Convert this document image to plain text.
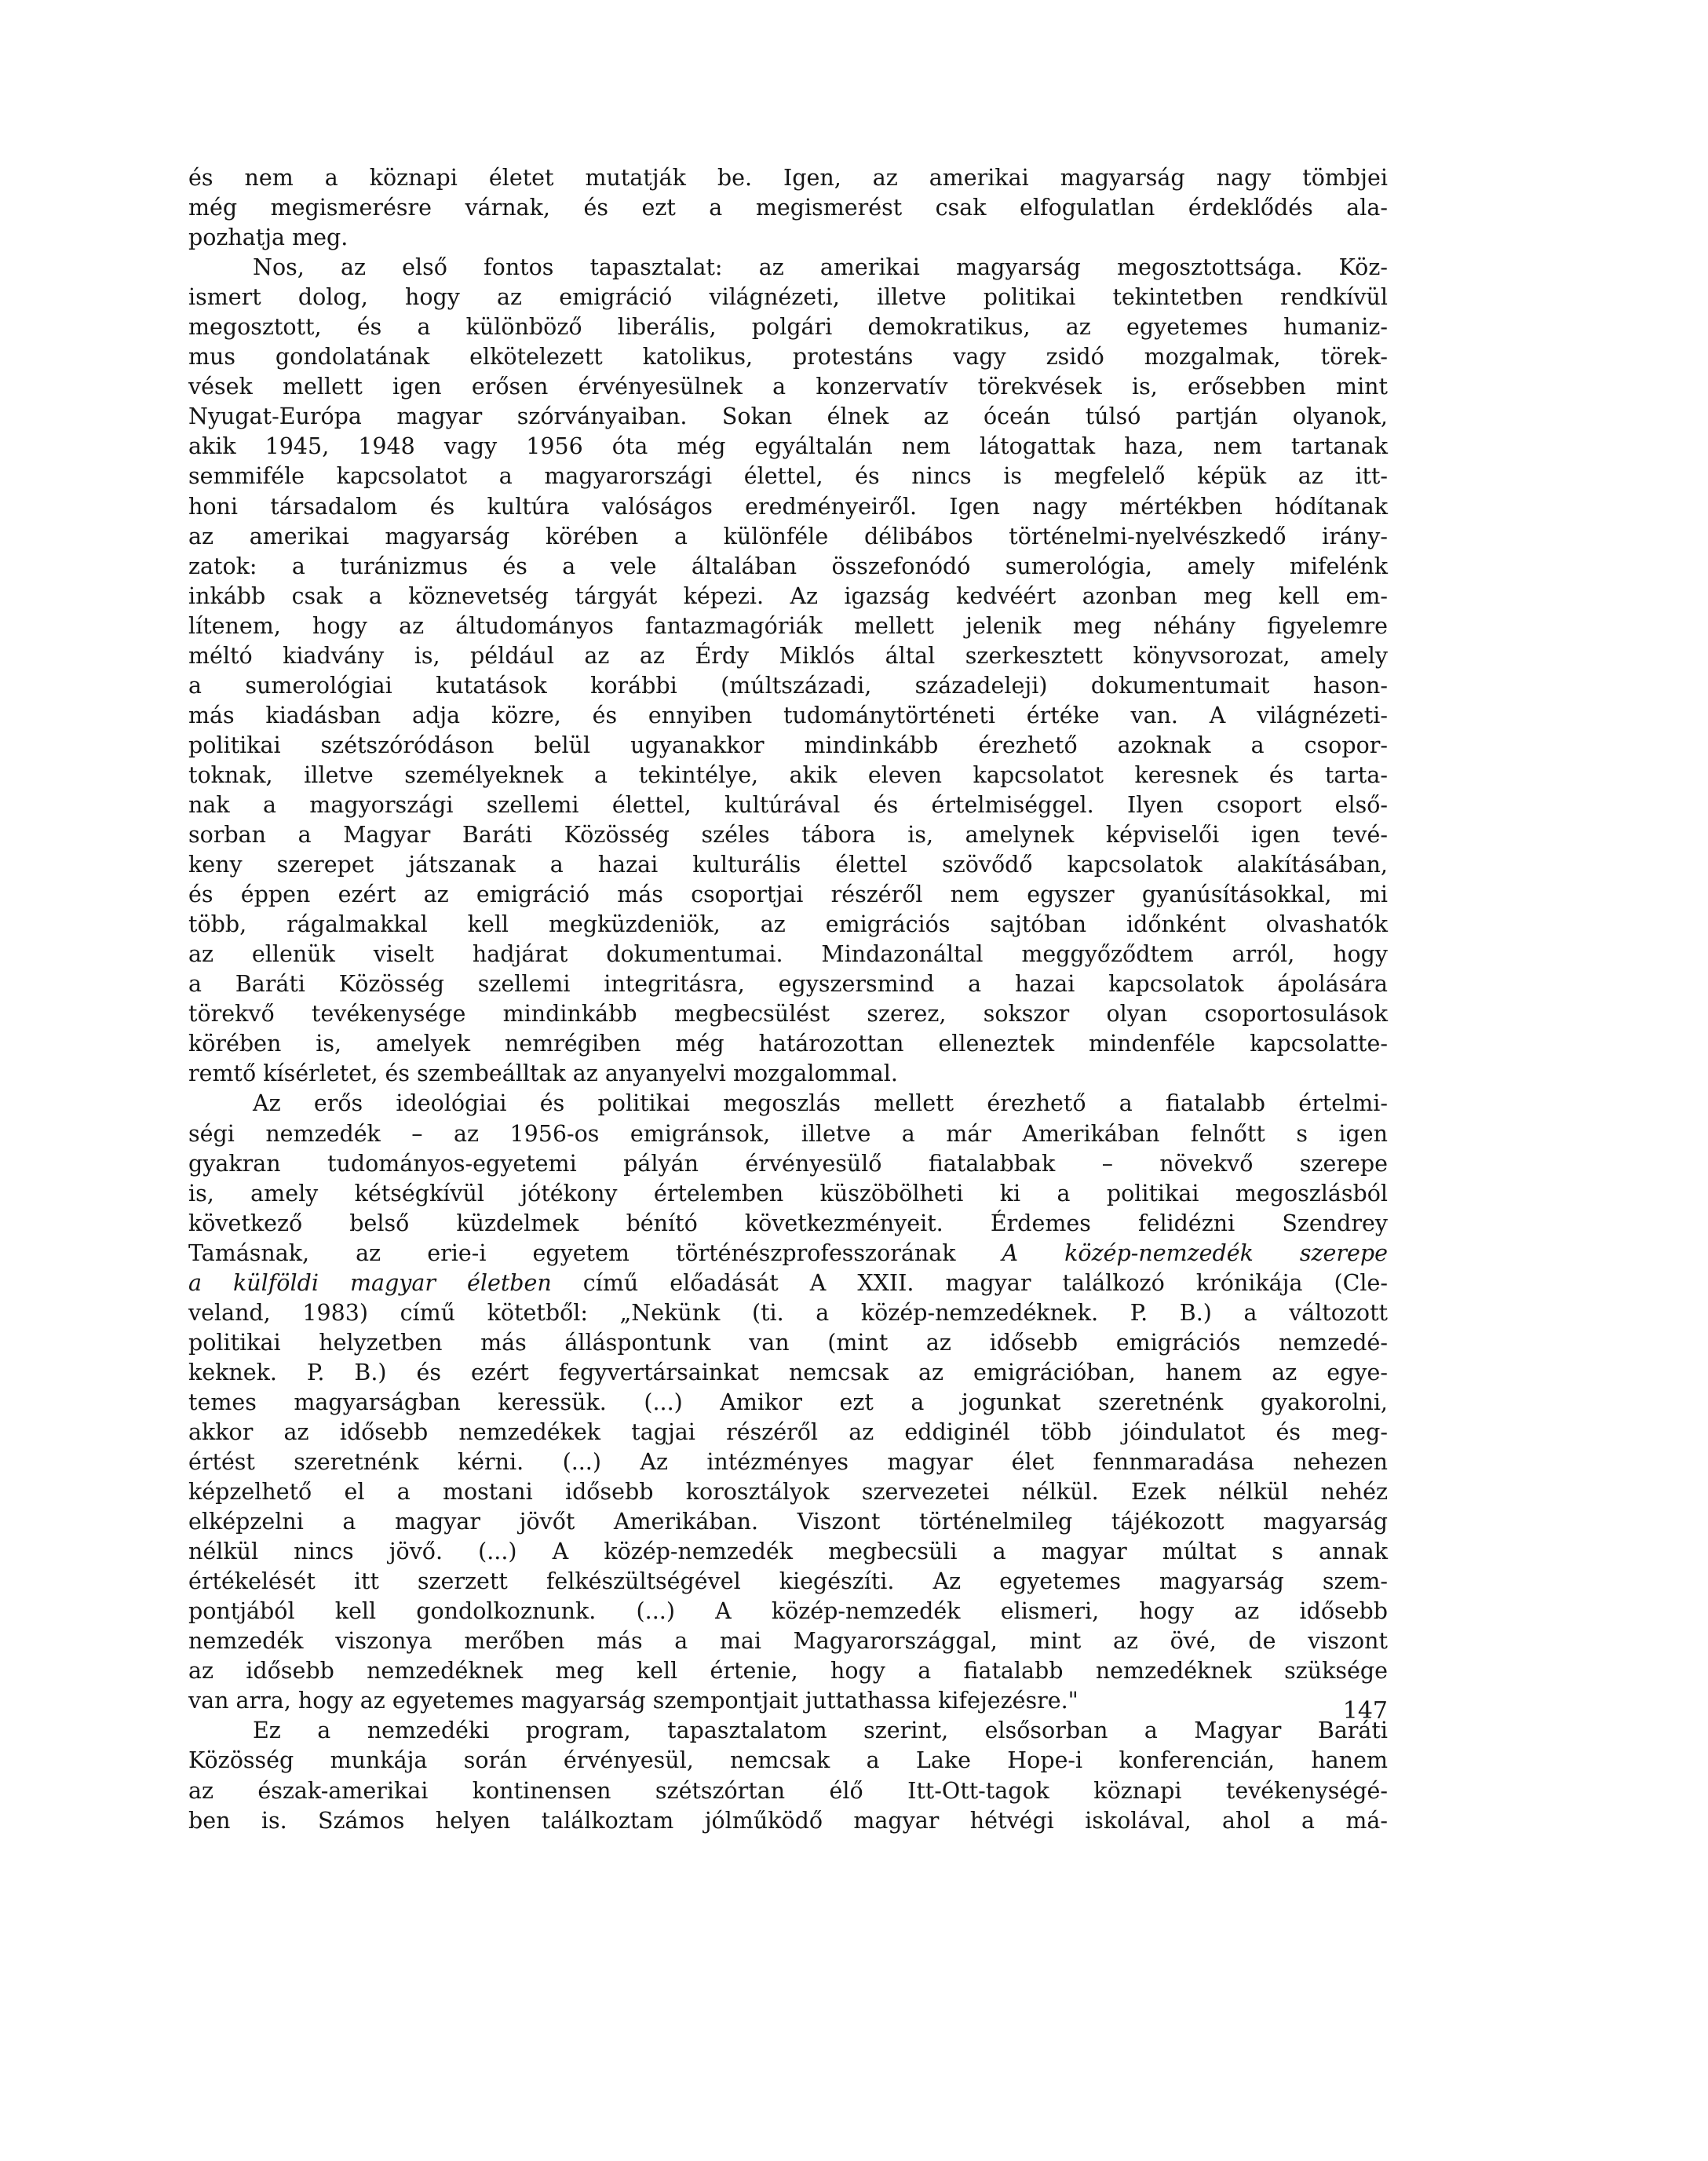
és nem a köznapi életet mutatják be. Igen, az amerikai magyarság nagy tömbjei
még megismerésre várnak, és ezt a megismerést csak elfogulatlan érdeklődés ala-
pozhatja meg.
Nos, az első fontos tapasztalat: az amerikai magyarság megosztottsága. Köz-
ismert dolog, hogy az emigráció világnézeti, illetve politikai tekintetben rendkívül
megosztott, és a különböző liberális, polgári demokratikus, az egyetemes humaniz-
mus gondolatának elkötelezett katolikus, protestáns vagy zsidó mozgalmak, törek-
vések mellett igen erősen érvényesülnek a konzervatív törekvések is, erősebben mint
Nyugat-Európa magyar szórványaiban. Sokan élnek az óceán túlsó partján olyanok,
akik 1945, 1948 vagy 1956 óta még egyáltalán nem látogattak haza, nem tartanak
semmiféle kapcsolatot a magyarországi élettel, és nincs is megfelelő képük az itt-
honi társadalom és kultúra valóságos eredményeiről. Igen nagy mértékben hódítanak
az amerikai magyarság körében a különféle délibábos történelmi-nyelvészkedő irány-
zatok: a turánizmus és a vele általában összefonódó sumerológia, amely mifelénk
inkább csak a köznevetség tárgyát képezi. Az igazság kedvéért azonban meg kell em-
lítenem, hogy az áltudományos fantazmagóriák mellett jelenik meg néhány figyelemre
méltó kiadvány is, például az az Érdy Miklós által szerkesztett könyvsorozat, amely
a sumerológiai kutatások korábbi (múltszázadi, századeleji) dokumentumait hason-
más kiadásban adja közre, és ennyiben tudománytörténeti értéke van. A világnézeti-
politikai szétszóródáson belül ugyanakkor mindinkább érezhető azoknak a csopor-
toknak, illetve személyeknek a tekintélye, akik eleven kapcsolatot keresnek és tarta-
nak a magyországi szellemi élettel, kultúrával és értelmiséggel. Ilyen csoport első-
sorban a Magyar Baráti Közösség széles tábora is, amelynek képviselői igen tevé-
keny szerepet játszanak a hazai kulturális élettel szövődő kapcsolatok alakításában,
és éppen ezért az emigráció más csoportjai részéről nem egyszer gyanúsításokkal, mi
több, rágalmakkal kell megküzdeniök, az emigrációs sajtóban időnként olvashatók
az ellenük viselt hadjárat dokumentumai. Mindazonáltal meggyőződtem arról, hogy
a Baráti Közösség szellemi integritásra, egyszersmind a hazai kapcsolatok ápolására
törekvő tevékenysége mindinkább megbecsülést szerez, sokszor olyan csoportosulások
körében is, amelyek nemrégiben még határozottan elleneztek mindenféle kapcsolatte-
remtő kísérletet, és szembeálltak az anyanyelvi mozgalommal.
Az erős ideológiai és politikai megoszlás mellett érezhető a fiatalabb értelmi-
ségi nemzedék – az 1956-os emigránsok, illetve a már Amerikában felnőtt s igen
gyakran tudományos-egyetemi pályán érvényesülő fiatalabbak – növekvő szerepe
is, amely kétségkívül jótékony értelemben küszöbölheti ki a politikai megoszlásból
következő belső küzdelmek bénító következményeit. Érdemes felidézni Szendrey
Tamásnak, az erie-i egyetem történészprofesszorának A közép-nemzedék szerepe
a külföldi magyar életben című előadását A XXII. magyar találkozó krónikája (Cle-
veland, 1983) című kötetből: „Nekünk (ti. a közép-nemzedéknek. P. B.) a változott
politikai helyzetben más álláspontunk van (mint az idősebb emigrációs nemzedé-
keknek. P. B.) és ezért fegyvertársainkat nemcsak az emigrációban, hanem az egye-
temes magyarságban keressük. (...) Amikor ezt a jogunkat szeretnénk gyakorolni,
akkor az idősebb nemzedékek tagjai részéről az eddiginél több jóindulatot és meg-
értést szeretnénk kérni. (...) Az intézményes magyar élet fennmaradása nehezen
képzelhető el a mostani idősebb korosztályok szervezetei nélkül. Ezek nélkül nehéz
elképzelni a magyar jövőt Amerikában. Viszont történelmileg tájékozott magyarság
nélkül nincs jövő. (...) A közép-nemzedék megbecsüli a magyar múltat s annak
értékelését itt szerzett felkészültségével kiegészíti. Az egyetemes magyarság szem-
pontjából kell gondolkoznunk. (...) A közép-nemzedék elismeri, hogy az idősebb
nemzedék viszonya merőben más a mai Magyarországgal, mint az övé, de viszont
az idősebb nemzedéknek meg kell értenie, hogy a fiatalabb nemzedéknek szüksége
van arra, hogy az egyetemes magyarság szempontjait juttathassa kifejezésre."
Ez a nemzedéki program, tapasztalatom szerint, elsősorban a Magyar Baráti
Közösség munkája során érvényesül, nemcsak a Lake Hope-i konferencián, hanem
az észak-amerikai kontinensen szétszórtan élő Itt-Ott-tagok köznapi tevékenységé-
ben is. Számos helyen találkoztam jólműködő magyar hétvégi iskolával, ahol a má-
147
